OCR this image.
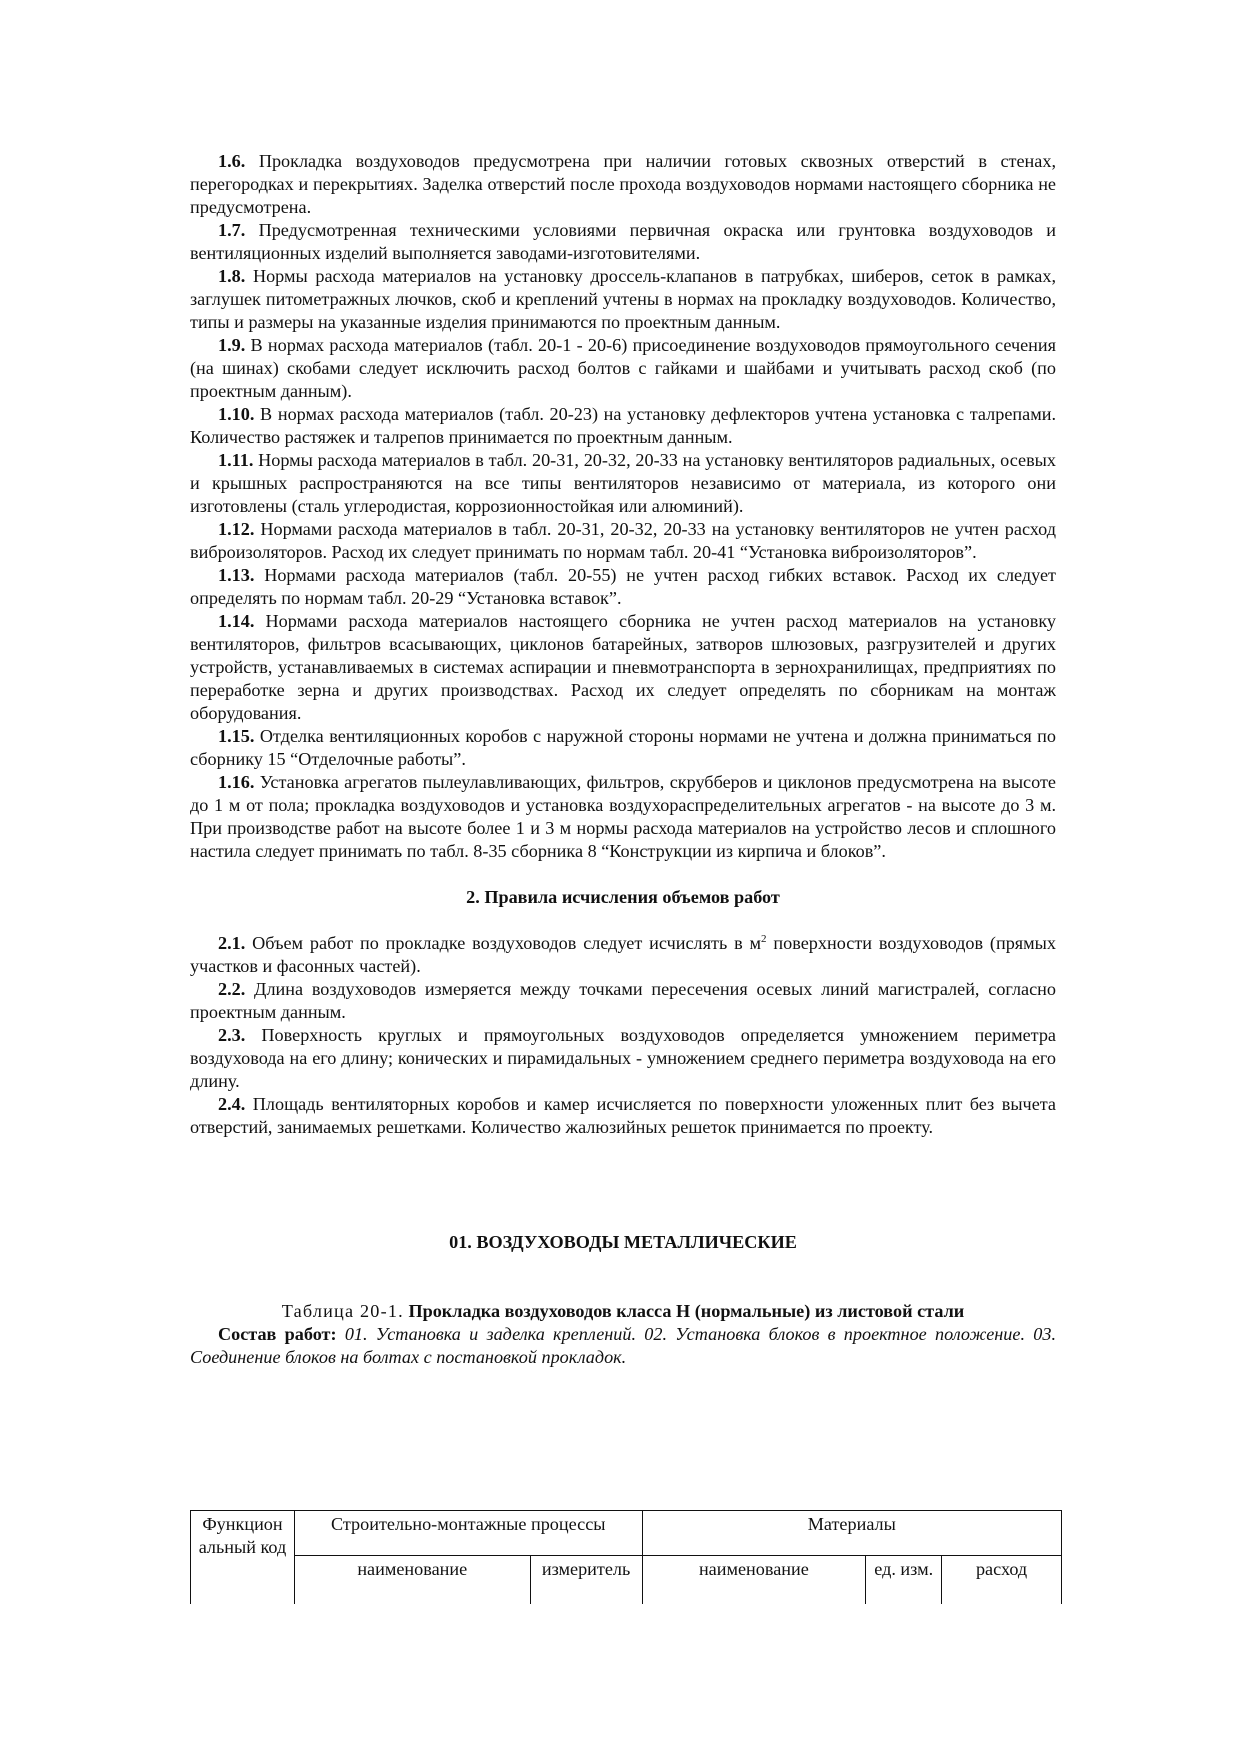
1.6. Прокладка воздуховодов предусмотрена при наличии готовых сквозных отверстий в стенах, перегородках и перекрытиях. Заделка отверстий после прохода воздуховодов нормами настоящего сборника не предусмотрена.

1.7. Предусмотренная техническими условиями первичная окраска или грунтовка воздуховодов и вентиляционных изделий выполняется заводами-изготовителями.

1.8. Нормы расхода материалов на установку дроссель-клапанов в патрубках, шиберов, сеток в рамках, заглушек питометражных лючков, скоб и креплений учтены в нормах на прокладку воздуховодов. Количество, типы и размеры на указанные изделия принимаются по проектным данным.

1.9. В нормах расхода материалов (табл. 20-1 - 20-6) присоединение воздуховодов прямоугольного сечения (на шинах) скобами следует исключить расход болтов с гайками и шайбами и учитывать расход скоб (по проектным данным).

1.10. В нормах расхода материалов (табл. 20-23) на установку дефлекторов учтена установка с талрепами. Количество растяжек и талрепов принимается по проектным данным.

1.11. Нормы расхода материалов в табл. 20-31, 20-32, 20-33 на установку вентиляторов радиальных, осевых и крышных распространяются на все типы вентиляторов независимо от материала, из которого они изготовлены (сталь углеродистая, коррозионностойкая или алюминий).

1.12. Нормами расхода материалов в табл. 20-31, 20-32, 20-33 на установку вентиляторов не учтен расход виброизоляторов. Расход их следует принимать по нормам табл. 20-41 “Установка виброизоляторов”.

1.13. Нормами расхода материалов (табл. 20-55) не учтен расход гибких вставок. Расход их следует определять по нормам табл. 20-29 “Установка вставок”.

1.14. Нормами расхода материалов настоящего сборника не учтен расход материалов на установку вентиляторов, фильтров всасывающих, циклонов батарейных, затворов шлюзовых, разгрузителей и других устройств, устанавливаемых в системах аспирации и пневмотранспорта в зернохранилищах, предприятиях по переработке зерна и других производствах. Расход их следует определять по сборникам на монтаж оборудования.

1.15. Отделка вентиляционных коробов с наружной стороны нормами не учтена и должна приниматься по сборнику 15 “Отделочные работы”.

1.16. Установка агрегатов пылеулавливающих, фильтров, скрубберов и циклонов предусмотрена на высоте до 1 м от пола; прокладка воздуховодов и установка воздухораспределительных агрегатов - на высоте до 3 м. При производстве работ на высоте более 1 и 3 м нормы расхода материалов на устройство лесов и сплошного настила следует принимать по табл. 8-35 сборника 8 “Конструкции из кирпича и блоков”.

2. Правила исчисления объемов работ

2.1. Объем работ по прокладке воздуховодов следует исчислять в $м^2$ поверхности воздуховодов (прямых участков и фасонных частей).

2.2. Длина воздуховодов измеряется между точками пересечения осевых линий магистралей, согласно проектным данным.

2.3. Поверхность круглых и прямоугольных воздуховодов определяется умножением периметра воздуховода на его длину; конических и пирамидальных - умножением среднего периметра воздуховода на его длину.

2.4. Площадь вентиляторных коробов и камер исчисляется по поверхности уложенных плит без вычета отверстий, занимаемых решетками. Количество жалюзийных решеток принимается по проекту.

01. ВОЗДУХОВОДЫ МЕТАЛЛИЧЕСКИЕ

Таблица 20-1. Прокладка воздуховодов класса Н (нормальные) из листовой стали

Состав работ: 01. Установка и заделка креплений. 02. Установка блоков в проектное положение. 03. Соединение блоков на болтах с постановкой прокладок.

Функцион альный код	Строительно-монтажные процессы		Материалы		
	наименование	измеритель	наименование	ед. изм.	расход
